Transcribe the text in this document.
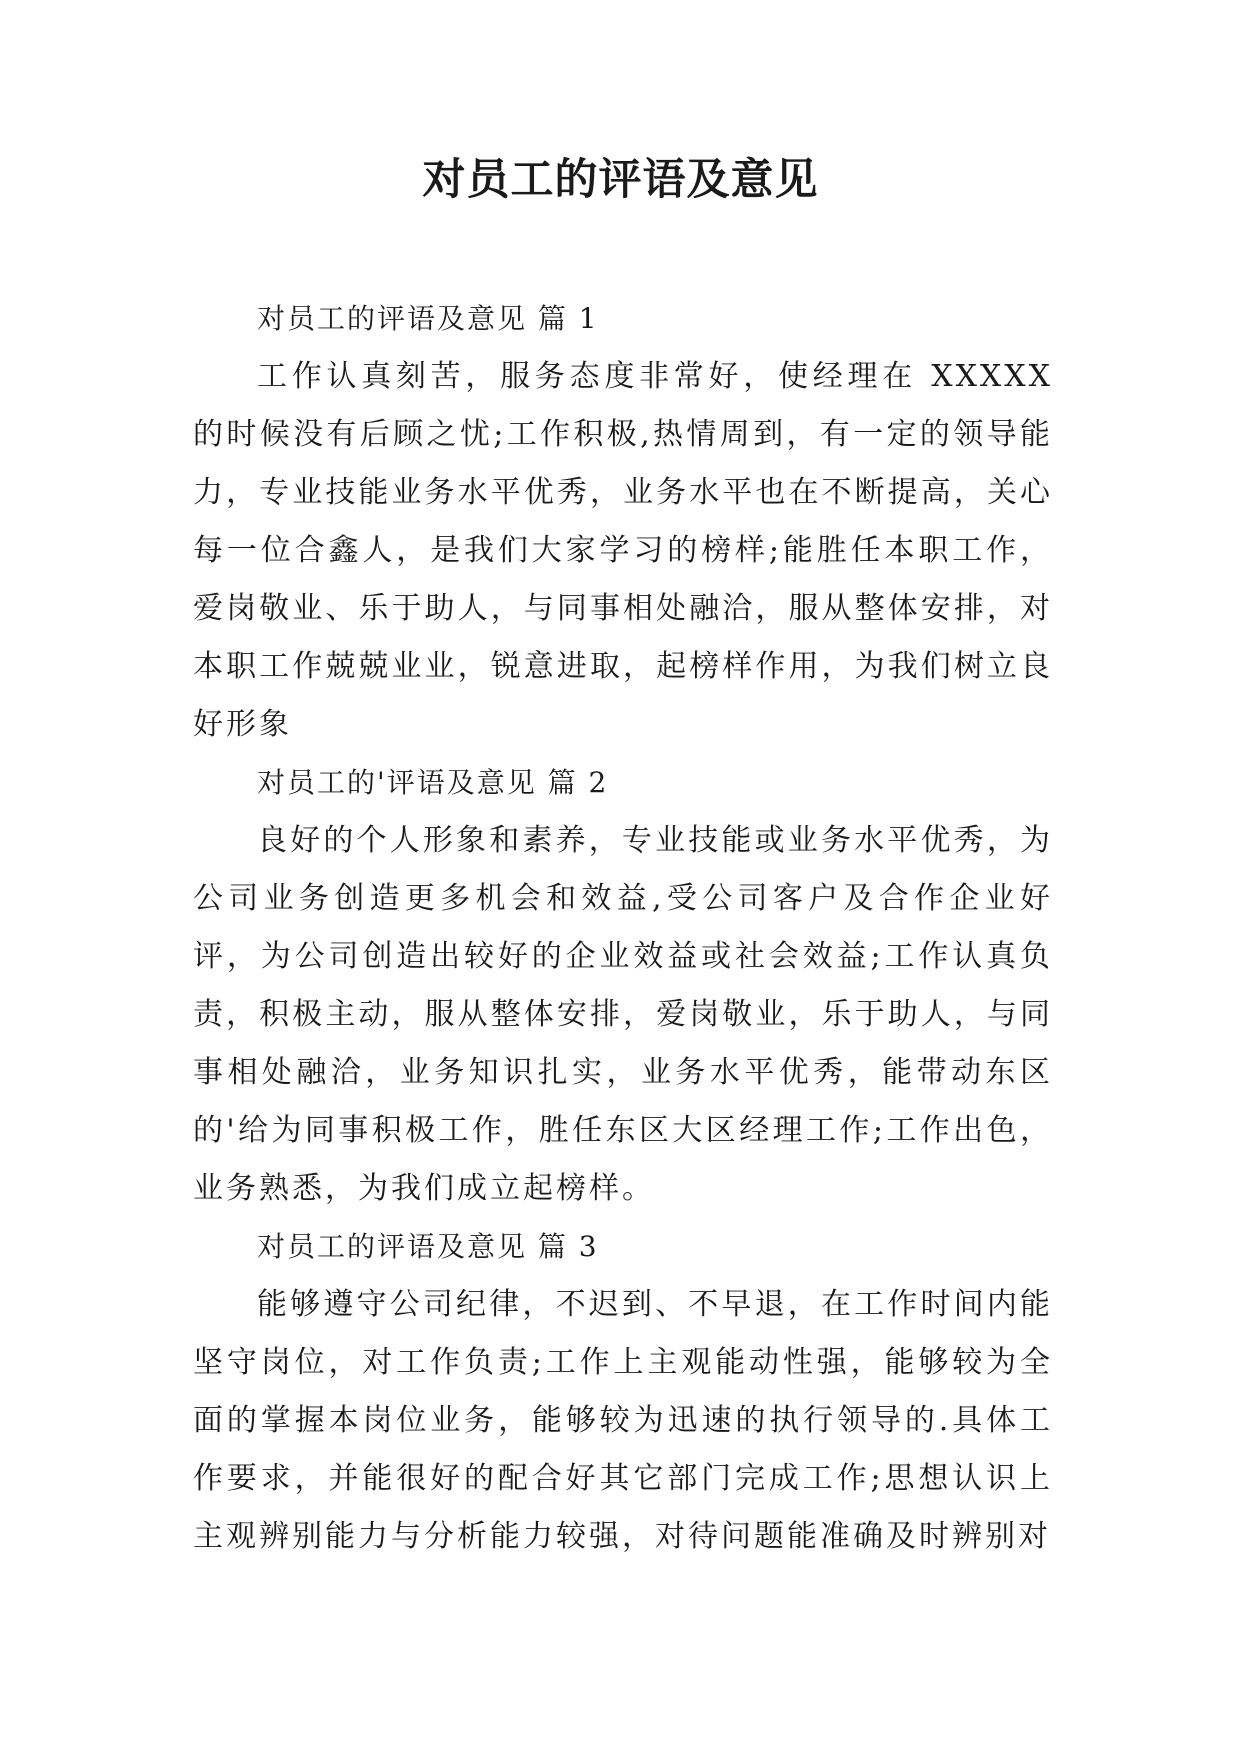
对员工的评语及意见
对员工的评语及意见 篇 1

工作认真刻苦，服务态度非常好，使经理在 XXXXX 的时候没有后顾之忧;工作积极,热情周到，有一定的领导能力，专业技能业务水平优秀，业务水平也在不断提高，关心每一位合鑫人，是我们大家学习的榜样;能胜任本职工作，爱岗敬业、乐于助人，与同事相处融洽，服从整体安排，对本职工作兢兢业业，锐意进取，起榜样作用，为我们树立良好形象

对员工的'评语及意见 篇 2

良好的个人形象和素养，专业技能或业务水平优秀，为公司业务创造更多机会和效益,受公司客户及合作企业好评，为公司创造出较好的企业效益或社会效益;工作认真负责，积极主动，服从整体安排，爱岗敬业，乐于助人，与同事相处融洽，业务知识扎实，业务水平优秀，能带动东区的'给为同事积极工作，胜任东区大区经理工作;工作出色，业务熟悉，为我们成立起榜样。

对员工的评语及意见 篇 3

能够遵守公司纪律，不迟到、不早退，在工作时间内能坚守岗位，对工作负责;工作上主观能动性强，能够较为全面的掌握本岗位业务，能够较为迅速的执行领导的.具体工作要求，并能很好的配合好其它部门完成工作;思想认识上主观辨别能力与分析能力较强，对待问题能准确及时辨别对
